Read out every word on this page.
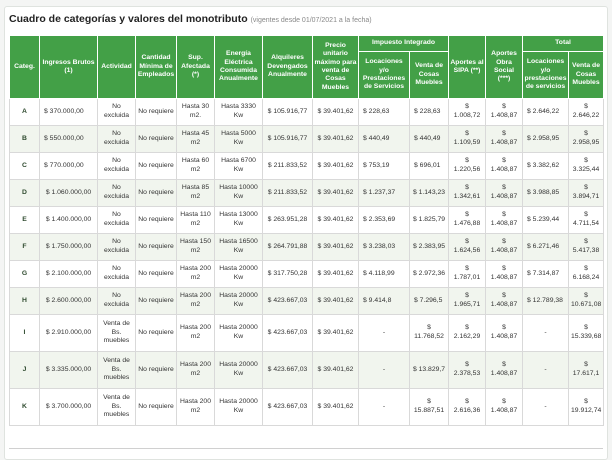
Cuadro de categorías y valores del monotributo (vigentes desde 01/07/2021 a la fecha)
Categ.	Ingresos Brutos (1)	Actividad	Cantidad Mínima de Empleados	Sup. Afectada (*)	Energía Eléctrica Consumida Anualmente	Alquileres Devengados Anualmente	Precio unitario máximo para venta de Cosas Muebles	Impuesto Integrado		Aportes al SIPA (**)	Aportes Obra Social (***)	Total	
								Locaciones y/o Prestaciones de Servicios	Venta de Cosas Muebles			Locaciones y/o prestaciones de servicios	Venta de Cosas Muebles
A	$ 370.000,00	No excluida	No requiere	Hasta 30 m2.	Hasta 3330 Kw	$ 105.916,77	$ 39.401,62	$ 228,63	$ 228,63	$ 1.008,72	$ 1.408,87	$ 2.646,22	$ 2.646,22
B	$ 550.000,00	No excluida	No requiere	Hasta 45 m2	Hasta 5000 Kw	$ 105.916,77	$ 39.401,62	$ 440,49	$ 440,49	$ 1.109,59	$ 1.408,87	$ 2.958,95	$ 2.958,95
C	$ 770.000,00	No excluida	No requiere	Hasta 60 m2	Hasta 6700 Kw	$ 211.833,52	$ 39.401,62	$ 753,19	$ 696,01	$ 1.220,56	$ 1.408,87	$ 3.382,62	$ 3.325,44
D	$ 1.060.000,00	No excluida	No requiere	Hasta 85 m2	Hasta 10000 Kw	$ 211.833,52	$ 39.401,62	$ 1.237,37	$ 1.143,23	$ 1.342,61	$ 1.408,87	$ 3.988,85	$ 3.894,71
E	$ 1.400.000,00	No excluida	No requiere	Hasta 110 m2	Hasta 13000 Kw	$ 263.951,28	$ 39.401,62	$ 2.353,69	$ 1.825,79	$ 1.476,88	$ 1.408,87	$ 5.239,44	$ 4.711,54
F	$ 1.750.000,00	No excluida	No requiere	Hasta 150 m2	Hasta 16500 Kw	$ 264.791,88	$ 39.401,62	$ 3.238,03	$ 2.383,95	$ 1.624,56	$ 1.408,87	$ 6.271,46	$ 5.417,38
G	$ 2.100.000,00	No excluida	No requiere	Hasta 200 m2	Hasta 20000 Kw	$ 317.750,28	$ 39.401,62	$ 4.118,99	$ 2.972,36	$ 1.787,01	$ 1.408,87	$ 7.314,87	$ 6.168,24
H	$ 2.600.000,00	No excluida	No requiere	Hasta 200 m2	Hasta 20000 Kw	$ 423.667,03	$ 39.401,62	$ 9.414,8	$ 7.296,5	$ 1.965,71	$ 1.408,87	$ 12.789,38	$ 10.671,08
I	$ 2.910.000,00	Venta de Bs. muebles	No requiere	Hasta 200 m2	Hasta 20000 Kw	$ 423.667,03	$ 39.401,62	-	$ 11.768,52	$ 2.162,29	$ 1.408,87	-	$ 15.339,68
J	$ 3.335.000,00	Venta de Bs. muebles	No requiere	Hasta 200 m2	Hasta 20000 Kw	$ 423.667,03	$ 39.401,62	-	$ 13.829,7	$ 2.378,53	$ 1.408,87	-	$ 17.617,1
K	$ 3.700.000,00	Venta de Bs. muebles	No requiere	Hasta 200 m2	Hasta 20000 Kw	$ 423.667,03	$ 39.401,62	-	$ 15.887,51	$ 2.616,36	$ 1.408,87	-	$ 19.912,74
